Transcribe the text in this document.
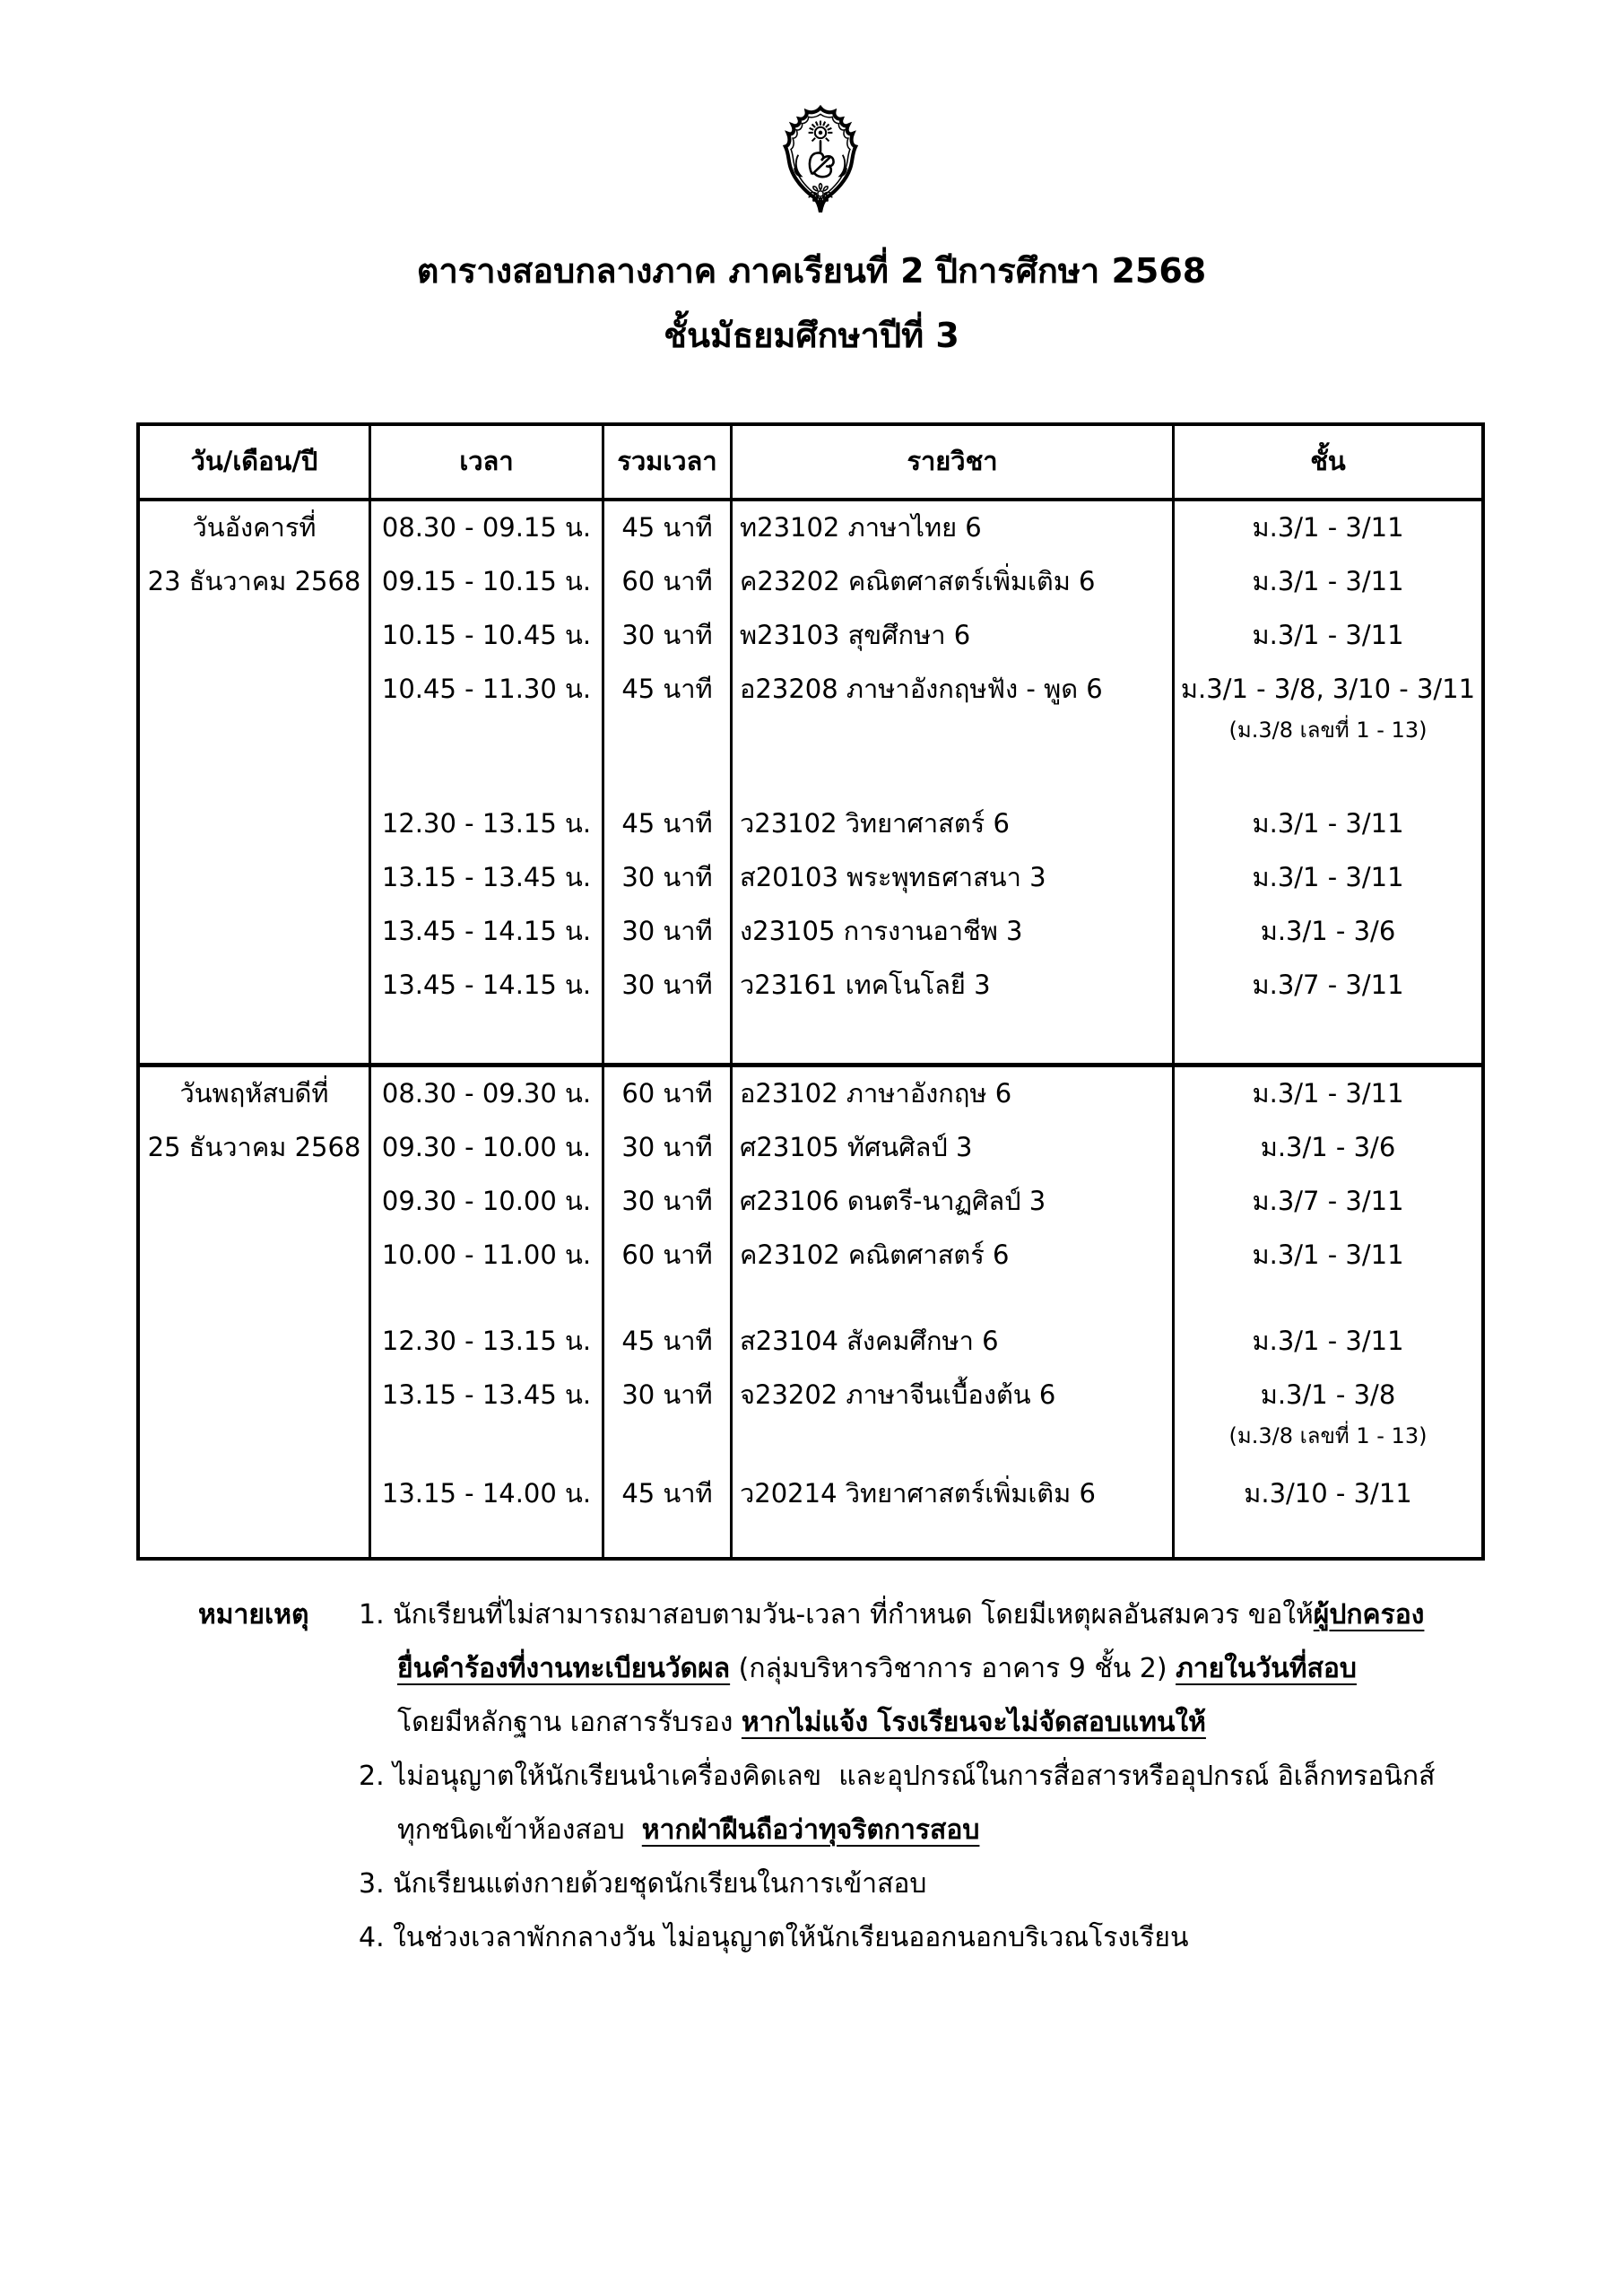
ตารางสอบกลางภาค ภาคเรียนที่ 2 ปีการศึกษา 2568
ชั้นมัธยมศึกษาปีที่ 3
วัน/เดือน/ปี	เวลา	รวมเวลา	รายวิชา	ชั้น
วันอังคารที่
23 ธันวาคม 2568
08.30 - 09.15 น.	45 นาที	ท23102 ภาษาไทย 6	ม.3/1 - 3/11
09.15 - 10.15 น.	60 นาที	ค23202 คณิตศาสตร์เพิ่มเติม 6	ม.3/1 - 3/11
10.15 - 10.45 น.	30 นาที	พ23103 สุขศึกษา 6	ม.3/1 - 3/11
10.45 - 11.30 น.	45 นาที	อ23208 ภาษาอังกฤษฟัง - พูด 6	ม.3/1 - 3/8, 3/10 - 3/11
(ม.3/8 เลขที่ 1 - 13)
12.30 - 13.15 น.	45 นาที	ว23102 วิทยาศาสตร์ 6	ม.3/1 - 3/11
13.15 - 13.45 น.	30 นาที	ส20103 พระพุทธศาสนา 3	ม.3/1 - 3/11
13.45 - 14.15 น.	30 นาที	ง23105 การงานอาชีพ 3	ม.3/1 - 3/6
13.45 - 14.15 น.	30 นาที	ว23161 เทคโนโลยี 3	ม.3/7 - 3/11
วันพฤหัสบดีที่
25 ธันวาคม 2568
08.30 - 09.30 น.	60 นาที	อ23102 ภาษาอังกฤษ 6	ม.3/1 - 3/11
09.30 - 10.00 น.	30 นาที	ศ23105 ทัศนศิลป์ 3	ม.3/1 - 3/6
09.30 - 10.00 น.	30 นาที	ศ23106 ดนตรี-นาฏศิลป์ 3	ม.3/7 - 3/11
10.00 - 11.00 น.	60 นาที	ค23102 คณิตศาสตร์ 6	ม.3/1 - 3/11
12.30 - 13.15 น.	45 นาที	ส23104 สังคมศึกษา 6	ม.3/1 - 3/11
13.15 - 13.45 น.	30 นาที	จ23202 ภาษาจีนเบื้องต้น 6	ม.3/1 - 3/8
(ม.3/8 เลขที่ 1 - 13)
13.15 - 14.00 น.	45 นาที	ว20214 วิทยาศาสตร์เพิ่มเติม 6	ม.3/10 - 3/11
หมายเหตุ 1. นักเรียนที่ไม่สามารถมาสอบตามวัน-เวลา ที่กำหนด โดยมีเหตุผลอันสมควร ขอให้ ผู้ปกครอง
ยื่นคำร้องที่งานทะเบียนวัดผล (กลุ่มบริหารวิชาการ อาคาร 9 ชั้น 2) ภายในวันที่สอบ
โดยมีหลักฐาน เอกสารรับรอง หากไม่แจ้ง โรงเรียนจะไม่จัดสอบแทนให้
2. ไม่อนุญาตให้นักเรียนนำเครื่องคิดเลข  และอุปกรณ์ในการสื่อสารหรืออุปกรณ์ อิเล็กทรอนิกส์
ทุกชนิดเข้าห้องสอบ หากฝ่าฝืนถือว่าทุจริตการสอบ
3. นักเรียนแต่งกายด้วยชุดนักเรียนในการเข้าสอบ
4. ในช่วงเวลาพักกลางวัน ไม่อนุญาตให้นักเรียนออกนอกบริเวณโรงเรียน
